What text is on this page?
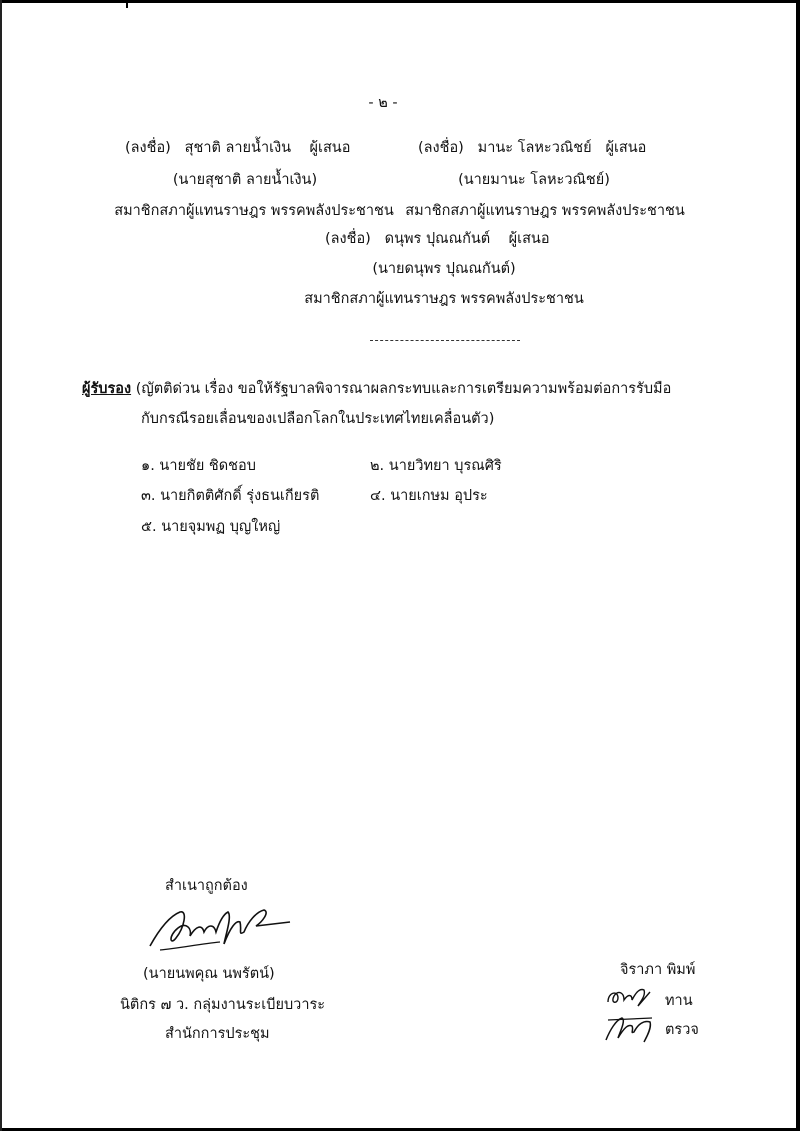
- ๒ -
(ลงชื่อ) สุชาติ ลายน้ำเงิน ผู้เสนอ
(นายสุชาติ ลายน้ำเงิน)
สมาชิกสภาผู้แทนราษฎร พรรคพลังประชาชน
(ลงชื่อ) มานะ โลหะวณิชย์ ผู้เสนอ
(นายมานะ โลหะวณิชย์)
สมาชิกสภาผู้แทนราษฎร พรรคพลังประชาชน
(ลงชื่อ) ดนุพร ปุณณกันต์ ผู้เสนอ
(นายดนุพร ปุณณกันต์)
สมาชิกสภาผู้แทนราษฎร พรรคพลังประชาชน
ผู้รับรอง (ญัตติด่วน เรื่อง ขอให้รัฐบาลพิจารณาผลกระทบและการเตรียมความพร้อมต่อการรับมือ
กับกรณีรอยเลื่อนของเปลือกโลกในประเทศไทยเคลื่อนตัว)
๑. นายชัย ชิดชอบ	๒. นายวิทยา บุรณศิริ
๓. นายกิตติศักดิ์ รุ่งธนเกียรติ	๔. นายเกษม อุประ
๕. นายจุมพฏ บุญใหญ่
สำเนาถูกต้อง
(นายนพคุณ นพรัตน์)
นิติกร ๗ ว. กลุ่มงานระเบียบวาระ
สำนักการประชุม
จิราภา พิมพ์
ทาน
ตรวจ
